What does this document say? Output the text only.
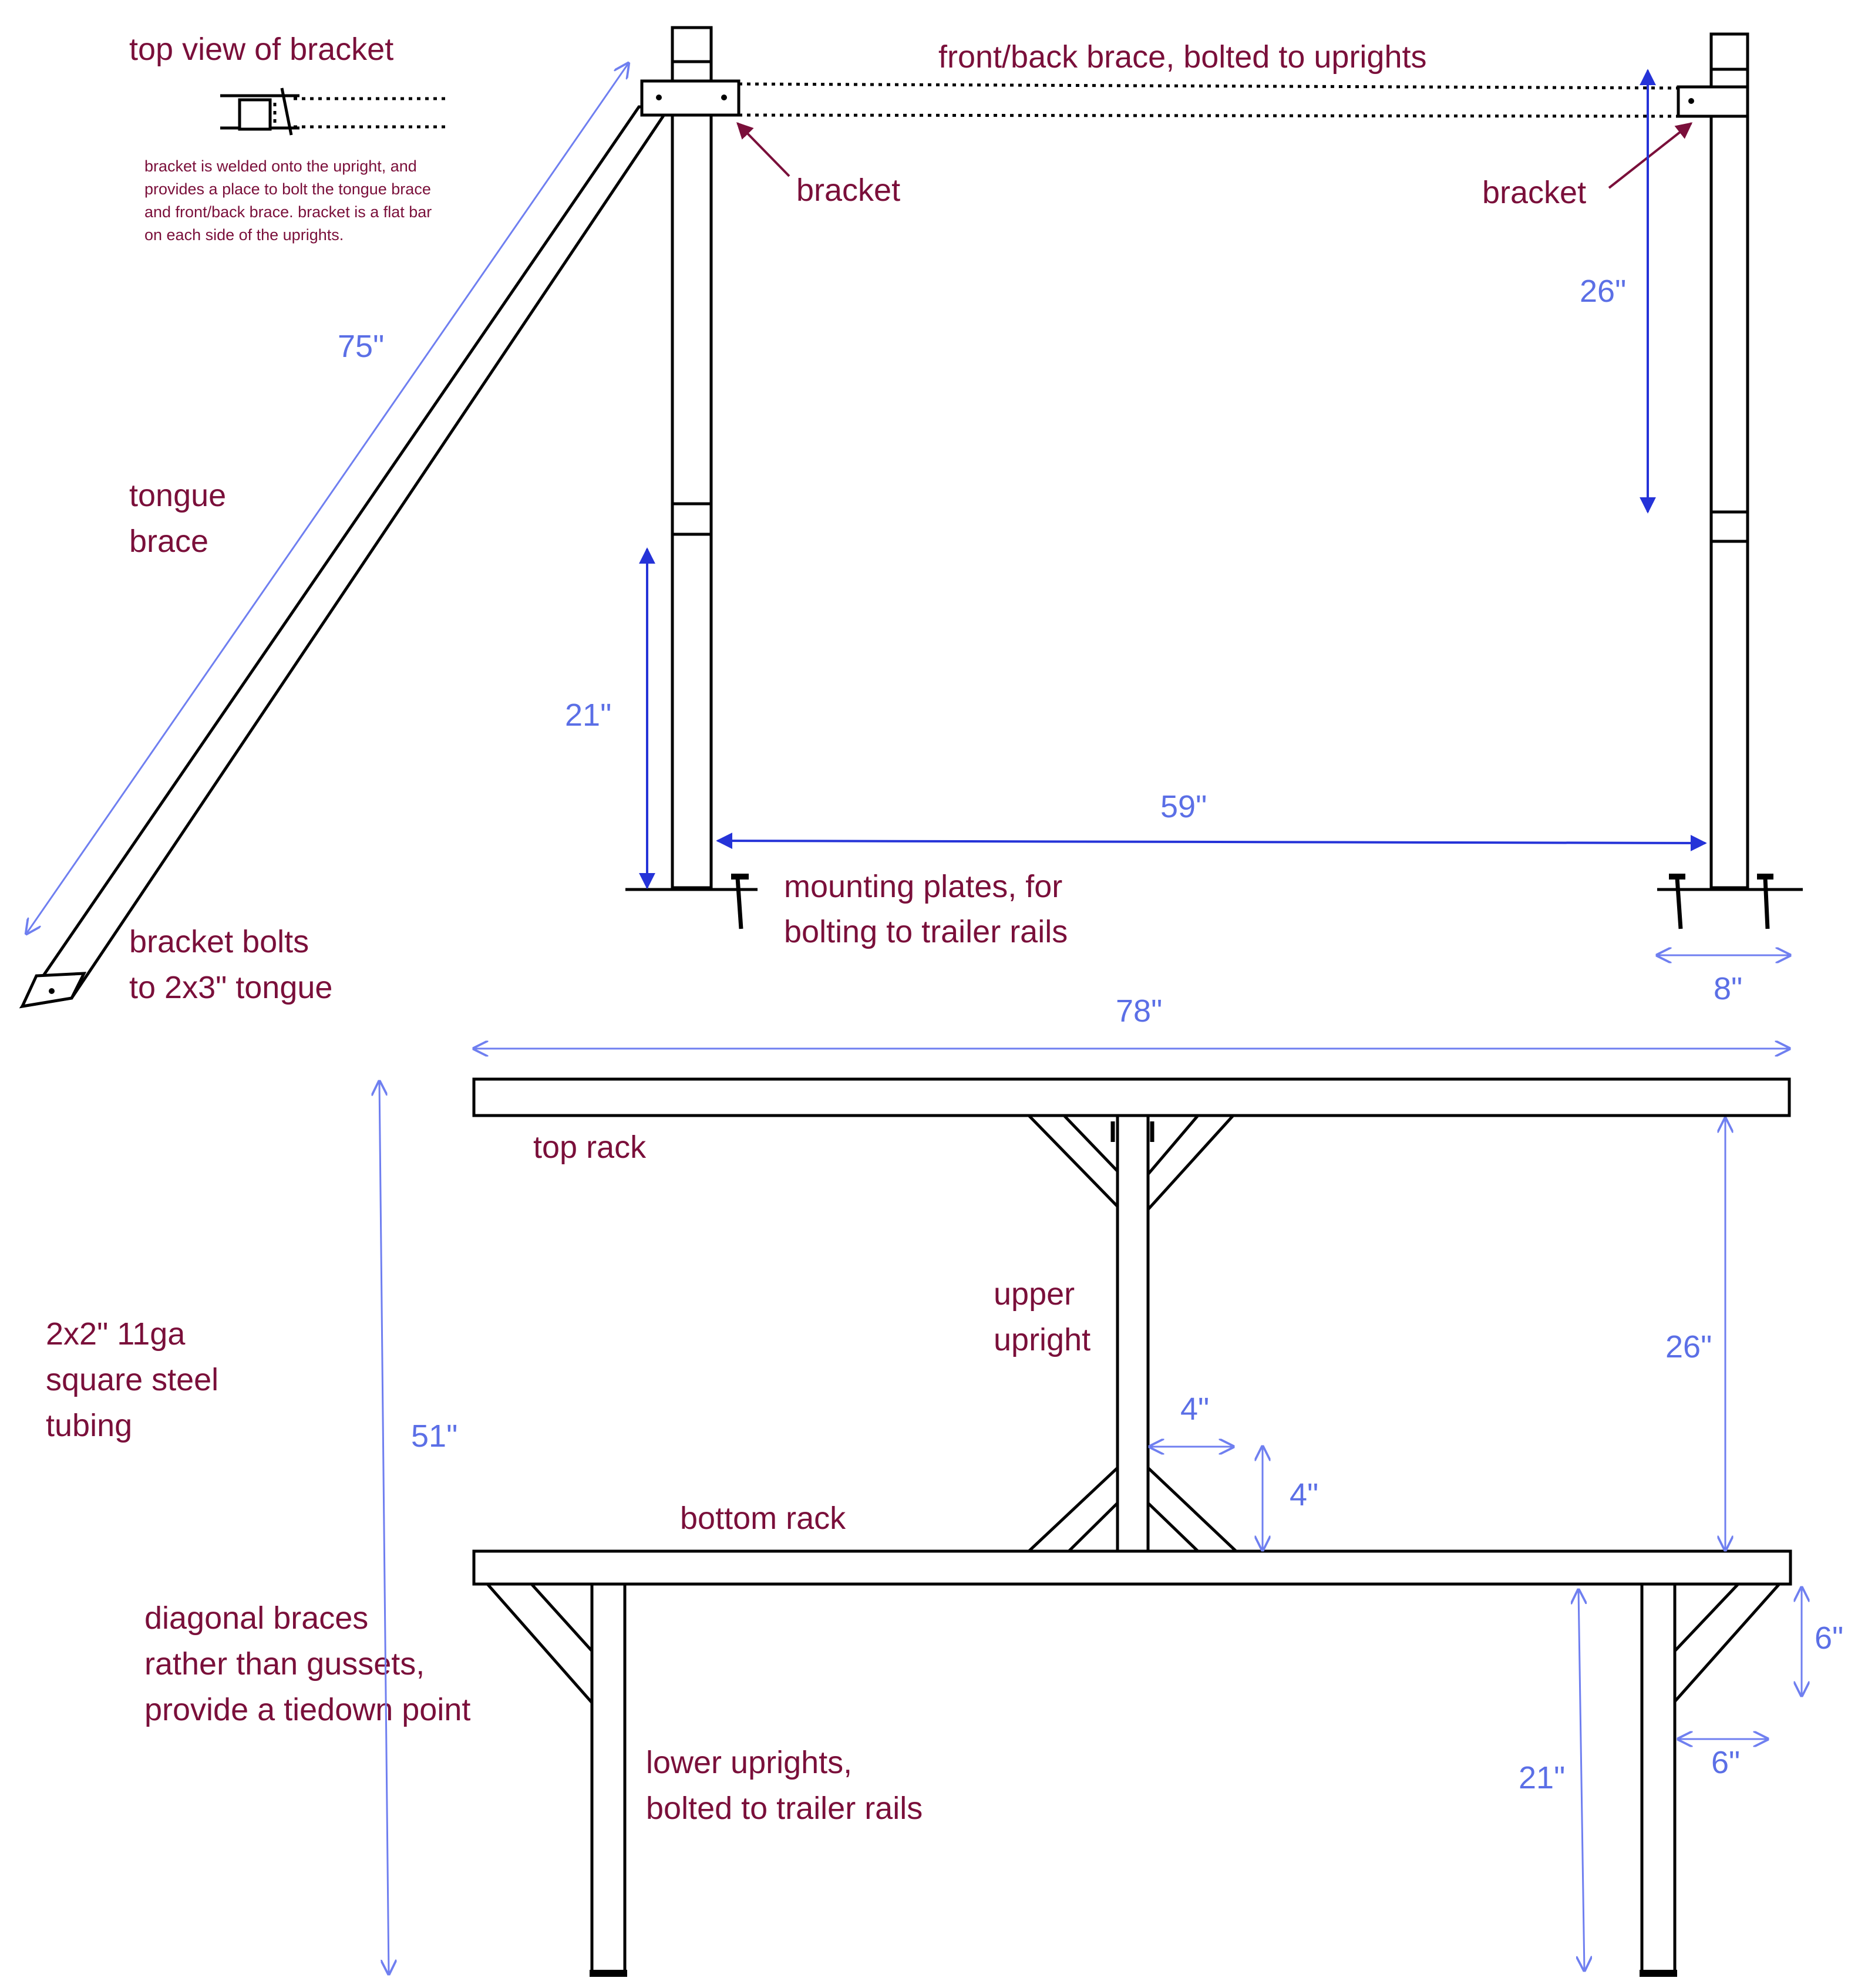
top view of bracket
bracket is welded onto the upright, and
provides a place to bolt the tongue brace
and front/back brace. bracket is a flat bar
on each side of the uprights.
front/back brace, bolted to uprights
bracket	bracket
tongue
brace
bracket bolts
to 2x3" tongue
mounting plates, for
bolting to trailer rails
75"
26"
21"
59"
8"
top rack
upper
upright
2x2" 11ga
square steel
tubing
bottom rack
diagonal braces
rather than gussets,
provide a tiedown point
lower uprights,
bolted to trailer rails
78"
51"
26"
4"
4"
6"
6"
21"
